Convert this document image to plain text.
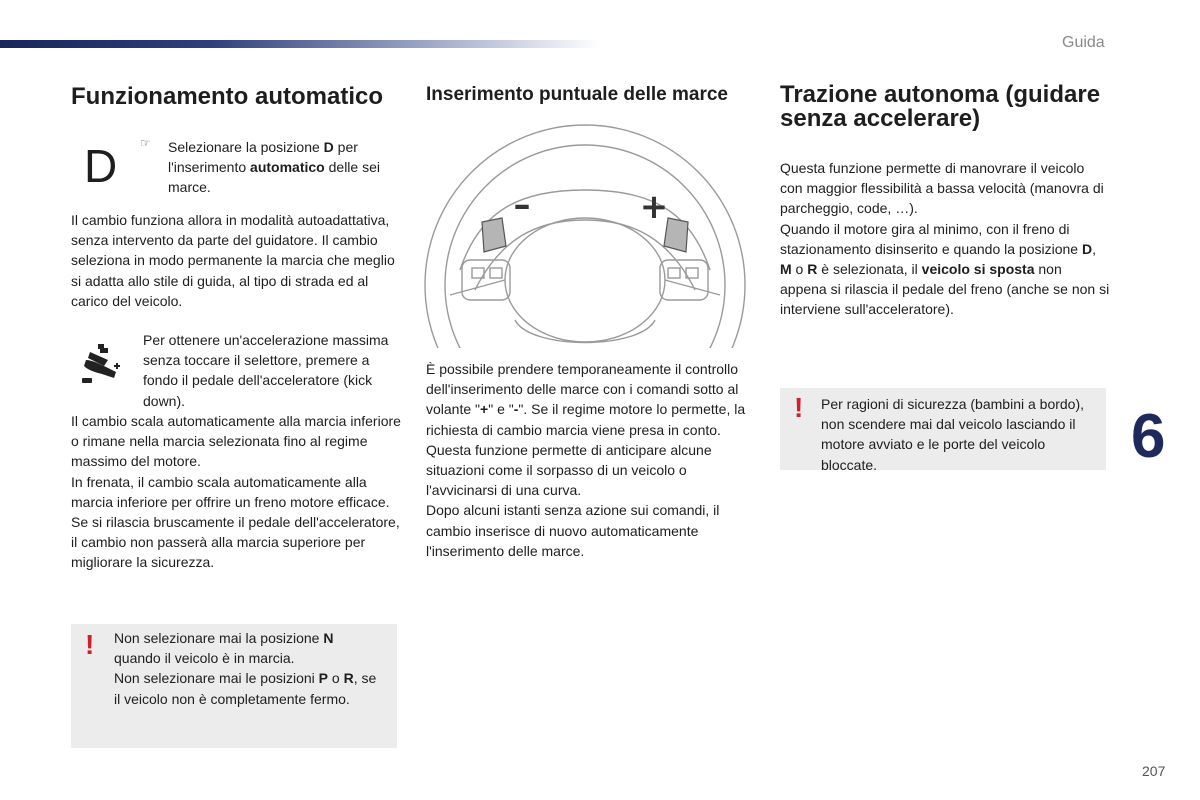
Guida
6
207
Funzionamento automatico
D ☞ Selezionare la posizione D per l'inserimento automatico delle sei marce.
Il cambio funziona allora in modalità autoadattativa, senza intervento da parte del guidatore. Il cambio seleziona in modo permanente la marcia che meglio si adatta allo stile di guida, al tipo di strada ed al carico del veicolo.
Per ottenere un'accelerazione massima senza toccare il selettore, premere a fondo il pedale dell'acceleratore (kick down).

Il cambio scala automaticamente alla marcia inferiore o rimane nella marcia selezionata fino al regime massimo del motore.

In frenata, il cambio scala automaticamente alla marcia inferiore per offrire un freno motore efficace.

Se si rilascia bruscamente il pedale dell'acceleratore, il cambio non passerà alla marcia superiore per migliorare la sicurezza.

! Non selezionare mai la posizione N quando il veicolo è in marcia.

Non selezionare mai le posizioni P o R, se il veicolo non è completamente fermo.

Inserimento puntuale delle marce
–	+

È possibile prendere temporaneamente il controllo dell'inserimento delle marce con i comandi sotto al volante "+" e "-". Se il regime motore lo permette, la richiesta di cambio marcia viene presa in conto.

Questa funzione permette di anticipare alcune situazioni come il sorpasso di un veicolo o l'avvicinarsi di una curva.

Dopo alcuni istanti senza azione sui comandi, il cambio inserisce di nuovo automaticamente l'inserimento delle marce.

Trazione autonoma (guidare senza accelerare)

Questa funzione permette di manovrare il veicolo con maggior flessibilità a bassa velocità (manovra di parcheggio, code, …).

Quando il motore gira al minimo, con il freno di stazionamento disinserito e quando la posizione D, M o R è selezionata, il veicolo si sposta non appena si rilascia il pedale del freno (anche se non si interviene sull'acceleratore).

! Per ragioni di sicurezza (bambini a bordo), non scendere mai dal veicolo lasciando il motore avviato e le porte del veicolo bloccate.
